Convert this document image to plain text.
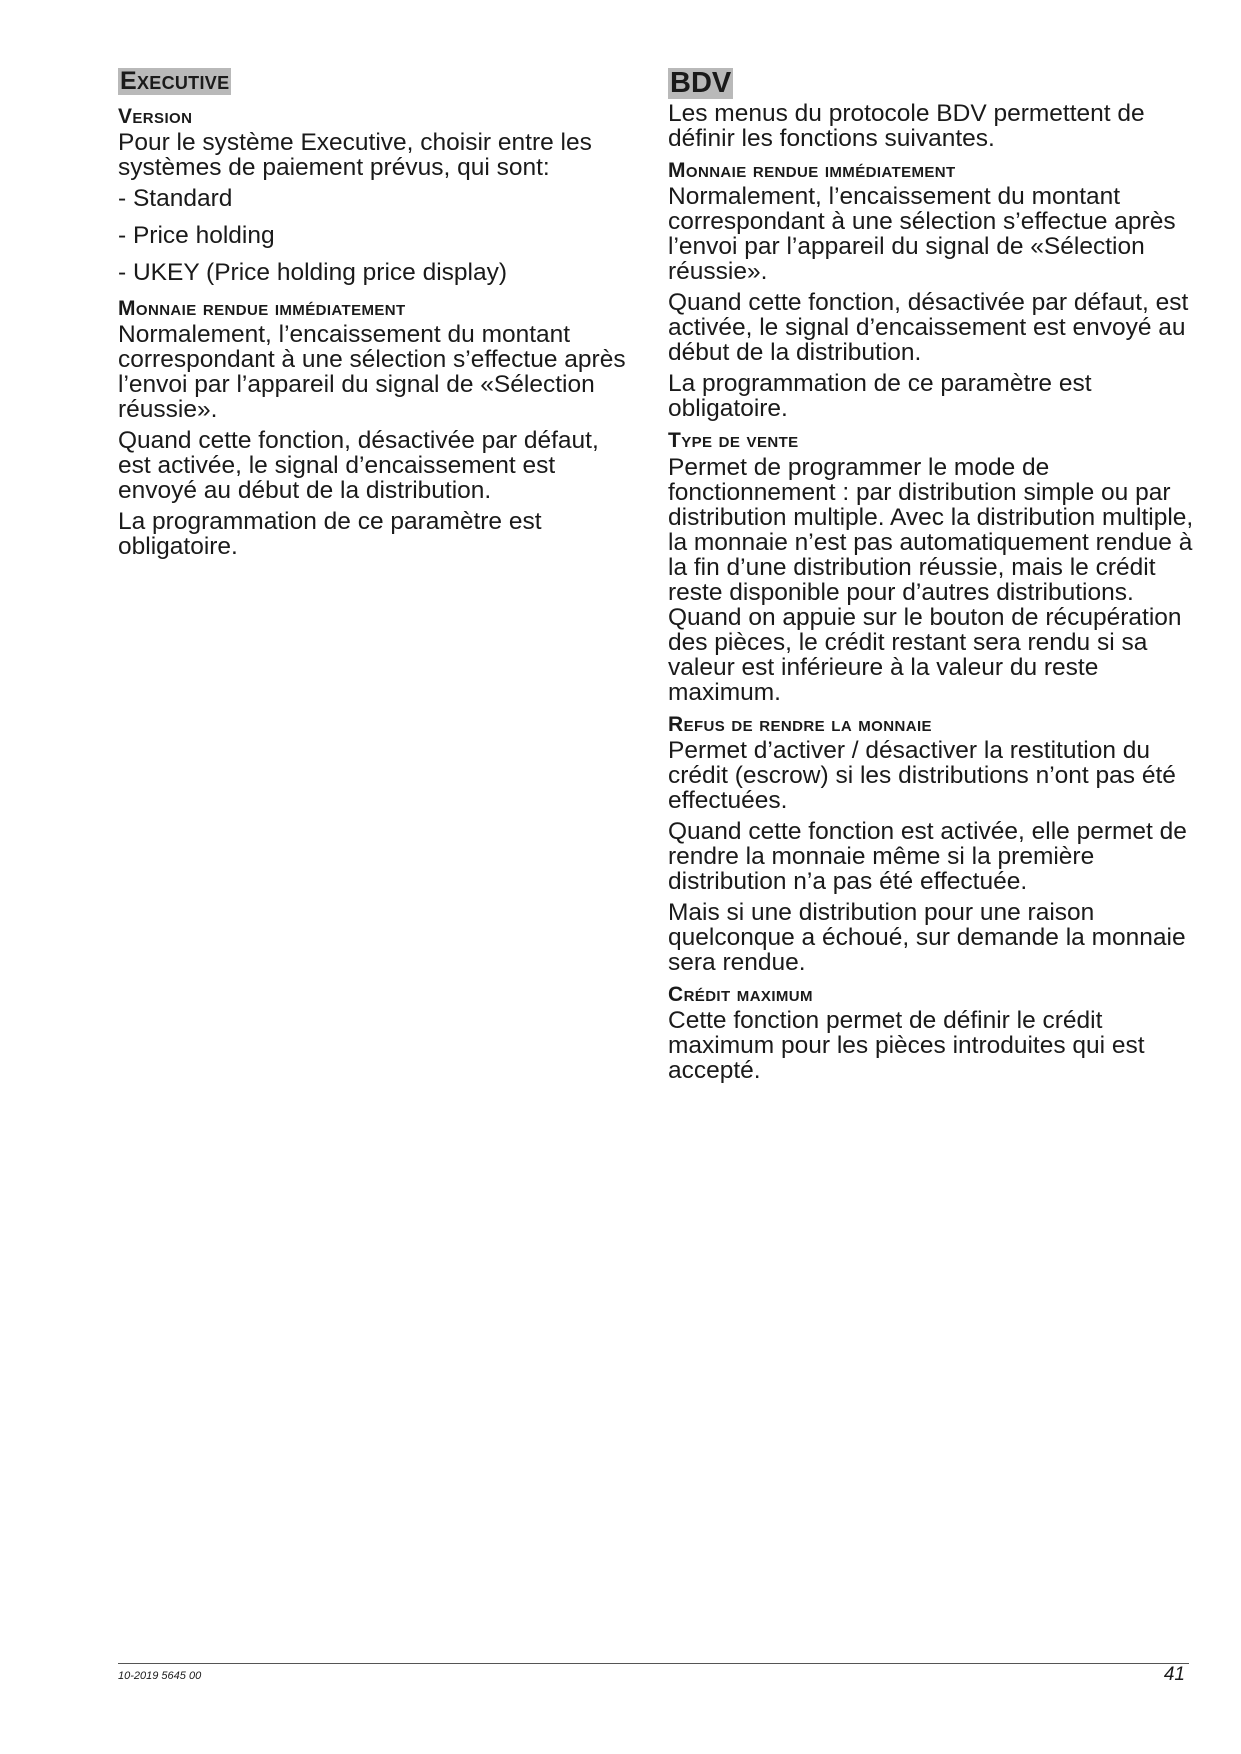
Executive
Version

Pour le système Executive, choisir entre les systèmes de paiement prévus, qui sont:

- Standard
- Price holding
- UKEY (Price holding price display)
Monnaie rendue immédiatement

Normalement, l’encaissement du montant correspondant à une sélection s’effectue après l’envoi par l’appareil du signal de «Sélection réussie».

Quand cette fonction, désactivée par défaut, est activée, le signal d’encaissement est envoyé au début de la distribution.

La programmation de ce paramètre est obligatoire.

BDV

Les menus du protocole BDV permettent de définir les fonctions suivantes.

Monnaie rendue immédiatement

Normalement, l’encaissement du montant correspondant à une sélection s’effectue après l’envoi par l’appareil du signal de «Sélection réussie».

Quand cette fonction, désactivée par défaut, est activée, le signal d’encaissement est envoyé au début de la distribution.

La programmation de ce paramètre est obligatoire.

Type de vente

Permet de programmer le mode de fonctionnement : par distribution simple ou par distribution multiple. Avec la distribution multiple, la monnaie n’est pas automatiquement rendue à la fin d’une distribution réussie, mais le crédit reste disponible pour d’autres distributions. Quand on appuie sur le bouton de récupération des pièces, le crédit restant sera rendu si sa valeur est inférieure à la valeur du reste maximum.

Refus de rendre la monnaie

Permet d’activer / désactiver la restitution du crédit (escrow) si les distributions n’ont pas été effectuées.

Quand cette fonction est activée, elle permet de rendre la monnaie même si la première distribution n’a pas été effectuée.

Mais si une distribution pour une raison quelconque a échoué, sur demande la monnaie sera rendue.

Crédit maximum

Cette fonction permet de définir le crédit maximum pour les pièces introduites qui est accepté.

10-2019 5645 00	41
